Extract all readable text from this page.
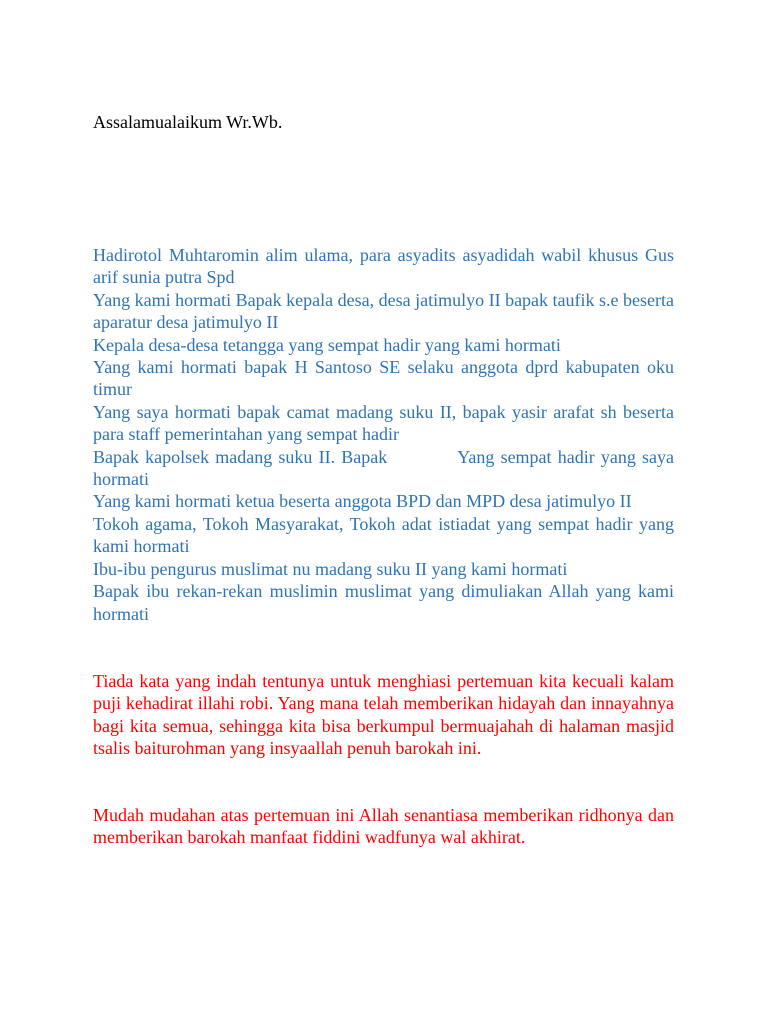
Assalamualaikum Wr.Wb.

Hadirotol Muhtaromin alim ulama, para asyadits asyadidah wabil khusus Gus arif sunia putra Spd
Yang kami hormati Bapak kepala desa, desa jatimulyo II bapak taufik s.e beserta aparatur desa jatimulyo II
Kepala desa-desa tetangga yang sempat hadir yang kami hormati
Yang kami hormati bapak H Santoso SE selaku anggota dprd kabupaten oku timur
Yang saya hormati bapak camat madang suku II, bapak yasir arafat sh beserta para staff pemerintahan yang sempat hadir
Bapak kapolsek madang suku II. Bapak	Yang sempat hadir yang saya hormati
Yang kami hormati ketua beserta anggota BPD dan MPD desa jatimulyo II
Tokoh agama, Tokoh Masyarakat, Tokoh adat istiadat yang sempat hadir yang kami hormati
Ibu-ibu pengurus muslimat nu madang suku II yang kami hormati
Bapak ibu rekan-rekan muslimin muslimat yang dimuliakan Allah yang kami hormati

Tiada kata yang indah tentunya untuk menghiasi pertemuan kita kecuali kalam puji kehadirat illahi robi. Yang mana telah memberikan hidayah dan innayahnya bagi kita semua, sehingga kita bisa berkumpul bermuajahah di halaman masjid tsalis baiturohman yang insyaallah penuh barokah ini.

Mudah mudahan atas pertemuan ini Allah senantiasa memberikan ridhonya dan memberikan barokah manfaat fiddini wadfunya wal akhirat.
